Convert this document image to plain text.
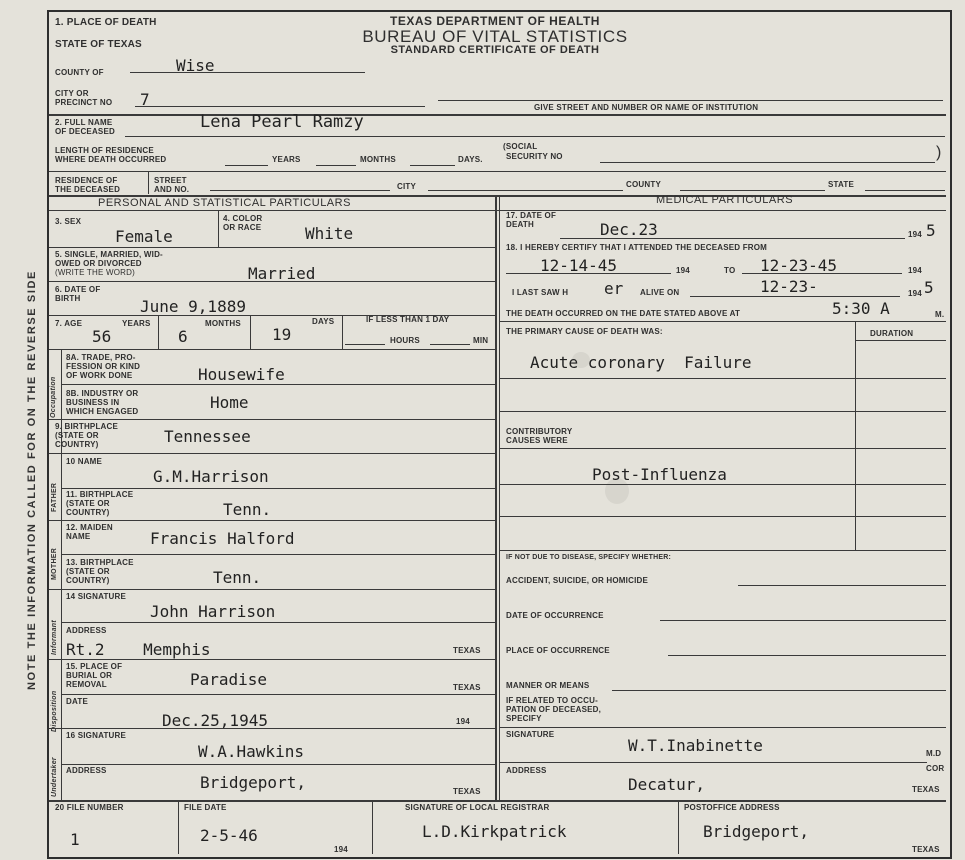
NOTE THE INFORMATION CALLED FOR ON THE REVERSE SIDE
TEXAS DEPARTMENT OF HEALTH
BUREAU OF VITAL STATISTICS
STANDARD CERTIFICATE OF DEATH
1. PLACE OF DEATH
STATE OF TEXAS
COUNTY OF	Wise
CITY OR
PRECINCT NO 7	GIVE STREET AND NUMBER OR NAME OF INSTITUTION
2. FULL NAME
OF DECEASED	Lena Pearl Ramzy
LENGTH OF RESIDENCE
WHERE DEATH OCCURRED	YEARS	MONTHS	DAYS.
(SOCIAL
SECURITY NO	)
RESIDENCE OF
THE DECEASED
STREET
AND NO.	CITY	COUNTY	STATE
PERSONAL AND STATISTICAL PARTICULARS	MEDICAL PARTICULARS
3. SEX
Female
4. COLOR
OR RACE	White
5. SINGLE, MARRIED, WID-
OWED OR DIVORCED
(WRITE THE WORD)	Married
6. DATE OF
BIRTH	June 9,1889
7. AGE	YEARS
56
MONTHS
6
DAYS
19
IF LESS THAN 1 DAY
HOURS	MIN
Occupation
8A. TRADE, PRO-
FESSION OR KIND
OF WORK DONE	Housewife
8B. INDUSTRY OR
BUSINESS IN
WHICH ENGAGED	Home
9. BIRTHPLACE
(STATE OR
COUNTRY)	Tennessee
FATHER
10 NAME
G.M.Harrison
11. BIRTHPLACE
(STATE OR
COUNTRY)	Tenn.
MOTHER
12. MAIDEN
NAME	Francis Halford
13. BIRTHPLACE
(STATE OR
COUNTRY)	Tenn.
Informant
14 SIGNATURE
John Harrison
ADDRESS
Rt.2    Memphis	TEXAS
Disposition
15. PLACE OF
BURIAL OR
REMOVAL	Paradise	TEXAS
DATE
Dec.25,1945	194
Undertaker
16 SIGNATURE
W.A.Hawkins
ADDRESS
Bridgeport,	TEXAS
17. DATE OF
DEATH	Dec.23	194 5
18. I HEREBY CERTIFY THAT I ATTENDED THE DECEASED FROM
12-14-45	194	TO 12-23-45	194
I LAST SAW H er ALIVE ON	12-23-	194 5
THE DEATH OCCURRED ON THE DATE STATED ABOVE AT	5:30 A	M.
THE PRIMARY CAUSE OF DEATH WAS:	DURATION
Acute coronary  Failure
CONTRIBUTORY
CAUSES WERE
Post-Influenza
IF NOT DUE TO DISEASE, SPECIFY WHETHER:
ACCIDENT, SUICIDE, OR HOMICIDE
DATE OF OCCURRENCE
PLACE OF OCCURRENCE
MANNER OR MEANS
IF RELATED TO OCCU-
PATION OF DECEASED,
SPECIFY
SIGNATURE
W.T.Inabinette	M.D
ADDRESS	COR
Decatur,	TEXAS
20 FILE NUMBER
1
FILE DATE
2-5-46
194
SIGNATURE OF LOCAL REGISTRAR
L.D.Kirkpatrick
POSTOFFICE ADDRESS
Bridgeport,
TEXAS
